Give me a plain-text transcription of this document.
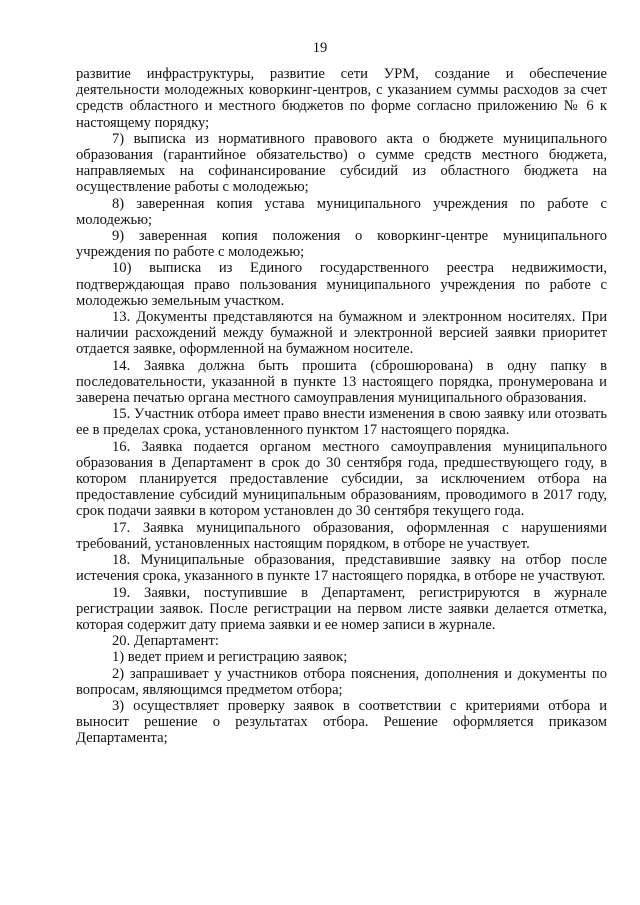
19

развитие инфраструктуры, развитие сети УРМ, создание и обеспечение деятельности молодежных коворкинг-центров, с указанием суммы расходов за счет средств областного и местного бюджетов по форме согласно приложению № 6 к настоящему порядку;

7) выписка из нормативного правового акта о бюджете муниципального образования (гарантийное обязательство) о сумме средств местного бюджета, направляемых на софинансирование субсидий из областного бюджета на осуществление работы с молодежью;

8) заверенная копия устава муниципального учреждения по работе с молодежью;

9) заверенная копия положения о коворкинг-центре муниципального учреждения по работе с молодежью;

10) выписка из Единого государственного реестра недвижимости, подтверждающая право пользования муниципального учреждения по работе с молодежью земельным участком.

13. Документы представляются на бумажном и электронном носителях. При наличии расхождений между бумажной и электронной версией заявки приоритет отдается заявке, оформленной на бумажном носителе.

14. Заявка должна быть прошита (сброшюрована) в одну папку в последовательности, указанной в пункте 13 настоящего порядка, пронумерована и заверена печатью органа местного самоуправления муниципального образования.

15. Участник отбора имеет право внести изменения в свою заявку или отозвать ее в пределах срока, установленного пунктом 17 настоящего порядка.

16. Заявка подается органом местного самоуправления муниципального образования в Департамент в срок до 30 сентября года, предшествующего году, в котором планируется предоставление субсидии, за исключением отбора на предоставление субсидий муниципальным образованиям, проводимого в 2017 году, срок подачи заявки в котором установлен до 30 сентября текущего года.

17. Заявка муниципального образования, оформленная с нарушениями требований, установленных настоящим порядком, в отборе не участвует.

18. Муниципальные образования, представившие заявку на отбор после истечения срока, указанного в пункте 17 настоящего порядка, в отборе не участвуют.

19. Заявки, поступившие в Департамент, регистрируются в журнале регистрации заявок. После регистрации на первом листе заявки делается отметка, которая содержит дату приема заявки и ее номер записи в журнале.

20. Департамент:

1) ведет прием и регистрацию заявок;

2) запрашивает у участников отбора пояснения, дополнения и документы по вопросам, являющимся предметом отбора;

3) осуществляет проверку заявок в соответствии с критериями отбора и выносит решение о результатах отбора. Решение оформляется приказом Департамента;
